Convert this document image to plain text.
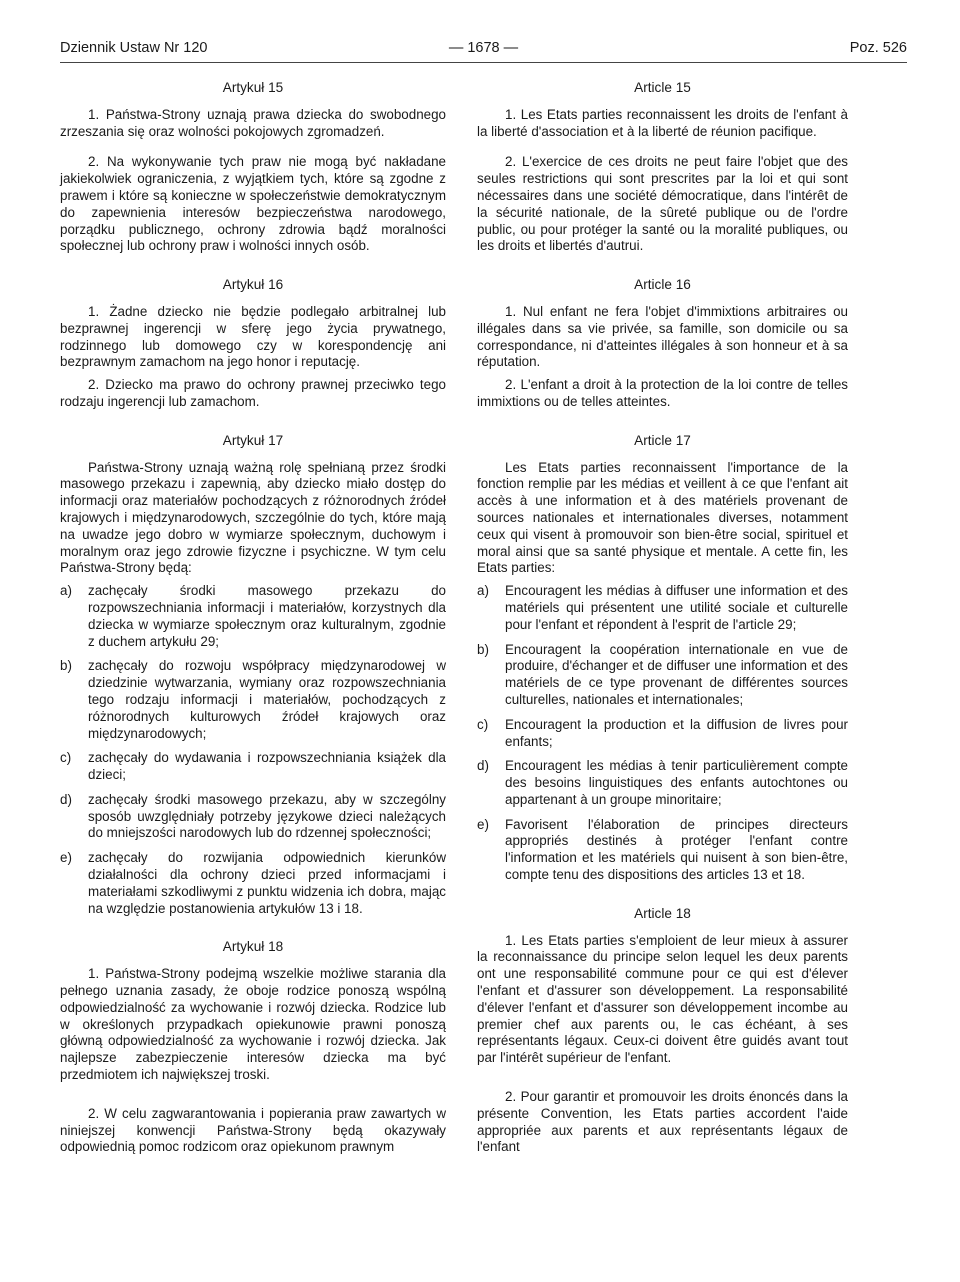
— 1678 —
Dziennik Ustaw Nr 120	Poz. 526
Artykuł 15

1. Państwa-Strony uznają prawa dziecka do swobodnego zrzeszania się oraz wolności pokojowych zgromadzeń.

2. Na wykonywanie tych praw nie mogą być nakładane jakiekolwiek ograniczenia, z wyjątkiem tych, które są zgodne z prawem i które są konieczne w społeczeństwie demokratycznym do zapewnienia interesów bezpieczeństwa narodowego, porządku publicznego, ochrony zdrowia bądź moralności społecznej lub ochrony praw i wolności innych osób.

Artykuł 16

1. Żadne dziecko nie będzie podlegało arbitralnej lub bezprawnej ingerencji w sferę jego życia prywatnego, rodzinnego lub domowego czy w korespondencję ani bezprawnym zamachom na jego honor i reputację.

2. Dziecko ma prawo do ochrony prawnej przeciwko tego rodzaju ingerencji lub zamachom.

Artykuł 17

Państwa-Strony uznają ważną rolę spełnianą przez środki masowego przekazu i zapewnią, aby dziecko miało dostęp do informacji oraz materiałów pochodzących z różnorodnych źródeł krajowych i międzynarodowych, szczególnie do tych, które mają na uwadze jego dobro w wymiarze społecznym, duchowym i moralnym oraz jego zdrowie fizyczne i psychiczne. W tym celu Państwa-Strony będą:

a)	zachęcały środki masowego przekazu do rozpowszechniania informacji i materiałów, korzystnych dla dziecka w wymiarze społecznym oraz kulturalnym, zgodnie z duchem artykułu 29;
b)	zachęcały do rozwoju współpracy międzynarodowej w dziedzinie wytwarzania, wymiany oraz rozpowszechniania tego rodzaju informacji i materiałów, pochodzących z różnorodnych kulturowych źródeł krajowych oraz międzynarodowych;
c)	zachęcały do wydawania i rozpowszechniania książek dla dzieci;
d)	zachęcały środki masowego przekazu, aby w szczególny sposób uwzględniały potrzeby językowe dzieci należących do mniejszości narodowych lub do rdzennej społeczności;
e)	zachęcały do rozwijania odpowiednich kierunków działalności dla ochrony dzieci przed informacjami i materiałami szkodliwymi z punktu widzenia ich dobra, mając na względzie postanowienia artykułów 13 i 18.
Artykuł 18

1. Państwa-Strony podejmą wszelkie możliwe starania dla pełnego uznania zasady, że oboje rodzice ponoszą wspólną odpowiedzialność za wychowanie i rozwój dziecka. Rodzice lub w określonych przypadkach opiekunowie prawni ponoszą główną odpowiedzialność za wychowanie i rozwój dziecka. Jak najlepsze zabezpieczenie interesów dziecka ma być przedmiotem ich największej troski.

2. W celu zagwarantowania i popierania praw zawartych w niniejszej konwencji Państwa-Strony będą okazywały odpowiednią pomoc rodzicom oraz opiekunom prawnym

Article 15

1. Les Etats parties reconnaissent les droits de l'enfant à la liberté d'association et à la liberté de réunion pacifique.

2. L'exercice de ces droits ne peut faire l'objet que des seules restrictions qui sont prescrites par la loi et qui sont nécessaires dans une société démocratique, dans l'intérêt de la sécurité nationale, de la sûreté publique ou de l'ordre public, ou pour protéger la santé ou la moralité publiques, ou les droits et libertés d'autrui.

Article 16

1. Nul enfant ne fera l'objet d'immixtions arbitraires ou illégales dans sa vie privée, sa famille, son domicile ou sa correspondance, ni d'atteintes illégales à son honneur et à sa réputation.

2. L'enfant a droit à la protection de la loi contre de telles immixtions ou de telles atteintes.

Article 17

Les Etats parties reconnaissent l'importance de la fonction remplie par les médias et veillent à ce que l'enfant ait accès à une information et à des matériels provenant de sources nationales et internationales diverses, notamment ceux qui visent à promouvoir son bien-être social, spirituel et moral ainsi que sa santé physique et mentale. A cette fin, les Etats parties:

a)	Encouragent les médias à diffuser une information et des matériels qui présentent une utilité sociale et culturelle pour l'enfant et répondent à l'esprit de l'article 29;
b)	Encouragent la coopération internationale en vue de produire, d'échanger et de diffuser une information et des matériels de ce type provenant de différentes sources culturelles, nationales et internationales;
c)	Encouragent la production et la diffusion de livres pour enfants;
d)	Encouragent les médias à tenir particulièrement compte des besoins linguistiques des enfants autochtones ou appartenant à un groupe minoritaire;
e)	Favorisent l'élaboration de principes directeurs appropriés destinés à protéger l'enfant contre l'information et les matériels qui nuisent à son bien-être, compte tenu des dispositions des articles 13 et 18.
Article 18

1. Les Etats parties s'emploient de leur mieux à assurer la reconnaissance du principe selon lequel les deux parents ont une responsabilité commune pour ce qui est d'élever l'enfant et d'assurer son développement. La responsabilité d'élever l'enfant et d'assurer son développement incombe au premier chef aux parents ou, le cas échéant, à ses représentants légaux. Ceux-ci doivent être guidés avant tout par l'intérêt supérieur de l'enfant.

2. Pour garantir et promouvoir les droits énoncés dans la présente Convention, les Etats parties accordent l'aide appropriée aux parents et aux représentants légaux de l'enfant
